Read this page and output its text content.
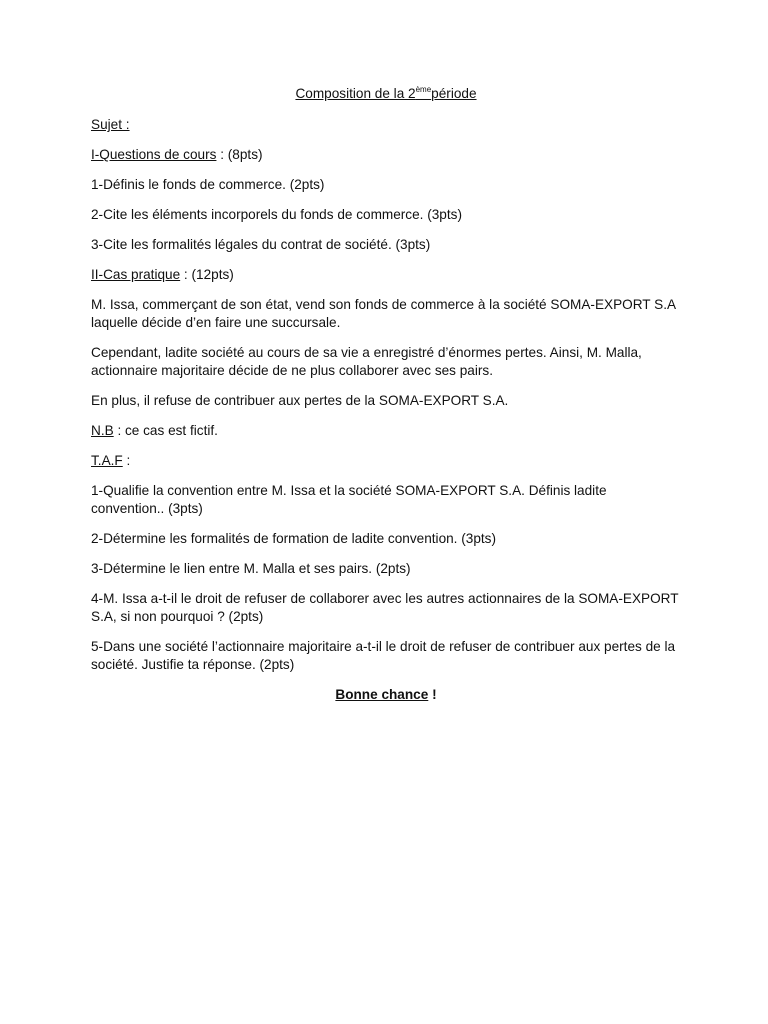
Composition de la 2èmepériode

Sujet :

I-Questions de cours : (8pts)

1-Définis le fonds de commerce. (2pts)

2-Cite les éléments incorporels du fonds de commerce. (3pts)

3-Cite les formalités légales du contrat de société. (3pts)

II-Cas pratique : (12pts)

M. Issa, commerçant de son état, vend son fonds de commerce à la société SOMA-EXPORT S.A laquelle décide d’en faire une succursale.

Cependant, ladite société au cours de sa vie a enregistré d’énormes pertes. Ainsi, M. Malla, actionnaire majoritaire décide de ne plus collaborer avec ses pairs.

En plus, il refuse de contribuer aux pertes de la SOMA-EXPORT S.A.

N.B : ce cas est fictif.

T.A.F :

1-Qualifie la convention entre M. Issa et la société SOMA-EXPORT S.A. Définis ladite convention.. (3pts)

2-Détermine les formalités de formation de ladite convention. (3pts)

3-Détermine le lien entre M. Malla et ses pairs. (2pts)

4-M. Issa a-t-il le droit de refuser de collaborer avec les autres actionnaires de la SOMA-EXPORT S.A, si non pourquoi ? (2pts)

5-Dans une société l’actionnaire majoritaire a-t-il le droit de refuser de contribuer aux pertes de la société. Justifie ta réponse. (2pts)

Bonne chance !
